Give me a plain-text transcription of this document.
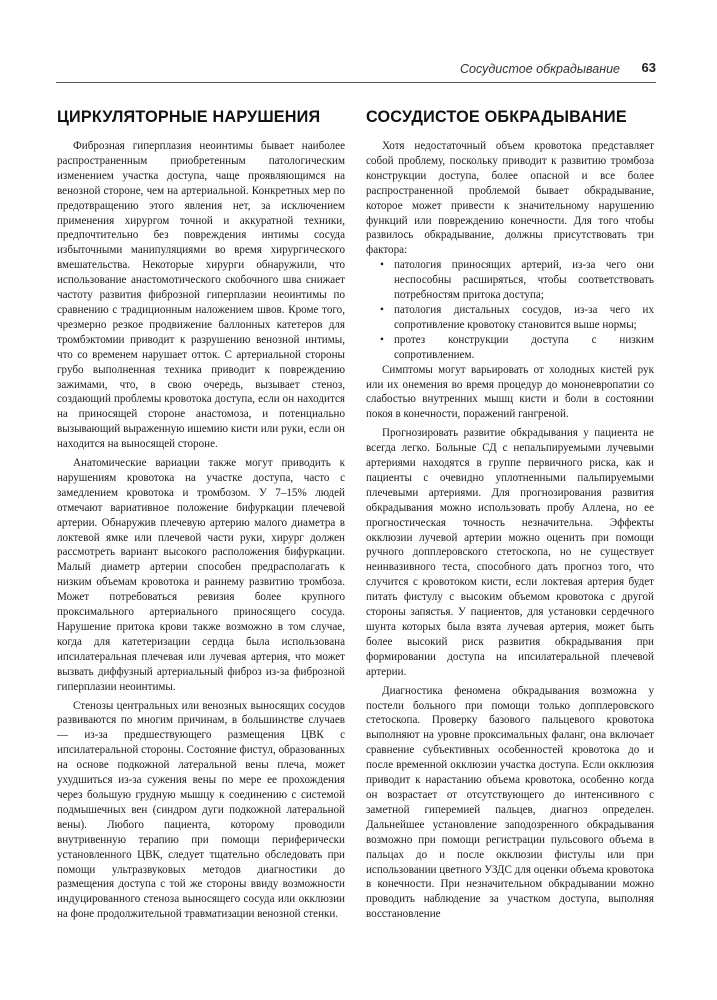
Сосудистое обкрадывание 63
ЦИРКУЛЯТОРНЫЕ НАРУШЕНИЯ

Фиброзная гиперплазия неоинтимы бывает наиболее распространенным приобретенным патологическим изменением участка доступа, чаще проявляющимся на венозной стороне, чем на артериальной. Конкретных мер по предотвращению этого явления нет, за исключением применения хирургом точной и аккуратной техники, предпочтительно без повреждения интимы сосуда избыточными манипуляциями во время хирургического вмешательства. Некоторые хирурги обнаружили, что использование анастомотического скобочного шва снижает частоту развития фиброзной гиперплазии неоинтимы по сравнению с традиционным наложением швов. Кроме того, чрезмерно резкое продвижение баллонных катетеров для тромбэктомии приводит к разрушению венозной интимы, что со временем нарушает отток. С артериальной стороны грубо выполненная техника приводит к повреждению зажимами, что, в свою очередь, вызывает стеноз, создающий проблемы кровотока доступа, если он находится на приносящей стороне анастомоза, и потенциально вызывающий выраженную ишемию кисти или руки, если он находится на выносящей стороне.

Анатомические вариации также могут приводить к нарушениям кровотока на участке доступа, часто с замедлением кровотока и тромбозом. У 7–15% людей отмечают вариативное положение бифуркации плечевой артерии. Обнаружив плечевую артерию малого диаметра в локтевой ямке или плечевой части руки, хирург должен рассмотреть вариант высокого расположения бифуркации. Малый диаметр артерии способен предрасполагать к низким объемам кровотока и раннему развитию тромбоза. Может потребоваться ревизия более крупного проксимального артериального приносящего сосуда. Нарушение притока крови также возможно в том случае, когда для катетеризации сердца была использована ипсилатеральная плечевая или лучевая артерия, что может вызвать диффузный артериальный фиброз из-за фиброзной гиперплазии неоинтимы.

Стенозы центральных или венозных выносящих сосудов развиваются по многим причинам, в большинстве случаев — из-за предшествующего размещения ЦВК с ипсилатеральной стороны. Состояние фистул, образованных на основе подкожной латеральной вены плеча, может ухудшиться из-за сужения вены по мере ее прохождения через большую грудную мышцу к соединению с системой подмышечных вен (синдром дуги подкожной латеральной вены). Любого пациента, которому проводили внутривенную терапию при помощи периферически установленного ЦВК, следует тщательно обследовать при помощи ультразвуковых методов диагностики до размещения доступа с той же стороны ввиду возможности индуцированного стеноза выносящего сосуда или окклюзии на фоне продолжительной травматизации венозной стенки.

СОСУДИСТОЕ ОБКРАДЫВАНИЕ

Хотя недостаточный объем кровотока представляет собой проблему, поскольку приводит к развитию тромбоза конструкции доступа, более опасной и все более распространенной проблемой бывает обкрадывание, которое может привести к значительному нарушению функций или повреждению конечности. Для того чтобы развилось обкрадывание, должны присутствовать три фактора:

• патология приносящих артерий, из-за чего они неспособны расширяться, чтобы соответствовать потребностям притока доступа;
• патология дистальных сосудов, из-за чего их сопротивление кровотоку становится выше нормы;
• протез конструкции доступа с низким сопротивлением.

Симптомы могут варьировать от холодных кистей рук или их онемения во время процедур до мононевропатии со слабостью внутренних мышц кисти и боли в состоянии покоя в конечности, поражений гангреной.

Прогнозировать развитие обкрадывания у пациента не всегда легко. Больные СД с непальпируемыми лучевыми артериями находятся в группе первичного риска, как и пациенты с очевидно уплотненными пальпируемыми плечевыми артериями. Для прогнозирования развития обкрадывания можно использовать пробу Аллена, но ее прогностическая точность незначительна. Эффекты окклюзии лучевой артерии можно оценить при помощи ручного допплеровского стетоскопа, но не существует неинвазивного теста, способного дать прогноз того, что случится с кровотоком кисти, если локтевая артерия будет питать фистулу с высоким объемом кровотока с другой стороны запястья. У пациентов, для установки сердечного шунта которых была взята лучевая артерия, может быть более высокий риск развития обкрадывания при формировании доступа на ипсилатеральной плечевой артерии.

Диагностика феномена обкрадывания возможна у постели больного при помощи только допплеровского стетоскопа. Проверку базового пальцевого кровотока выполняют на уровне проксимальных фаланг, она включает сравнение субъективных особенностей кровотока до и после временной окклюзии участка доступа. Если окклюзия приводит к нарастанию объема кровотока, особенно когда он возрастает от отсутствующего до интенсивного с заметной гиперемией пальцев, диагноз определен. Дальнейшее установление заподозренного обкрадывания возможно при помощи регистрации пульсового объема в пальцах до и после окклюзии фистулы или при использовании цветного УЗДС для оценки объема кровотока в конечности. При незначительном обкрадывании можно проводить наблюдение за участком доступа, выполняя восстановление
